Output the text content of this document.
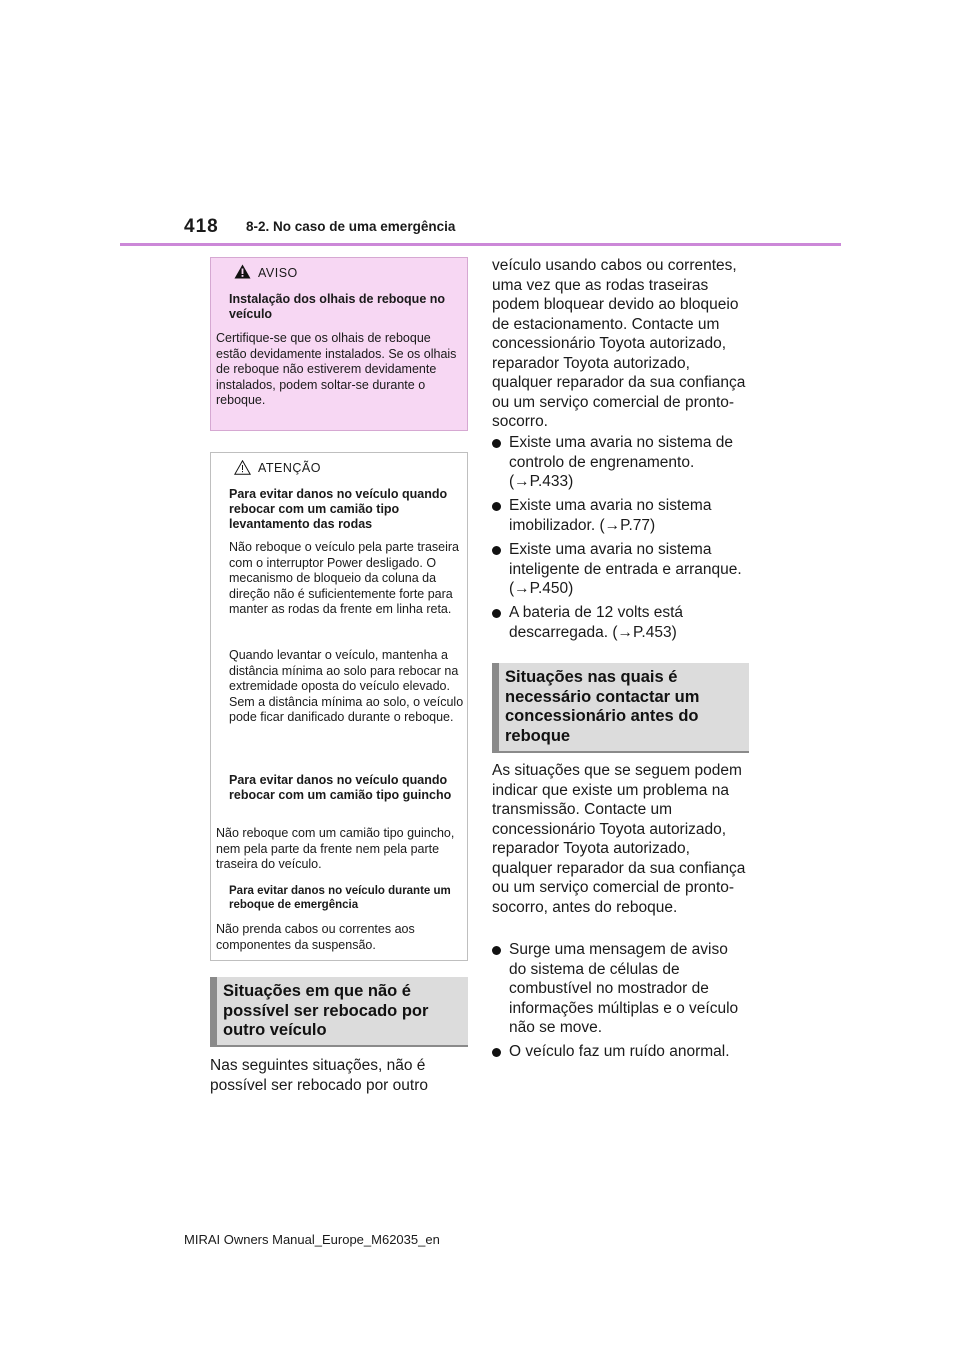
418 8-2. No caso de uma emergência
AVISO
Instalação dos olhais de reboque no veículo
Certifique-se que os olhais de reboque estão devidamente instalados. Se os olhais de reboque não estiverem devidamente instalados, podem soltar-se durante o reboque.
ATENÇÃO
Para evitar danos no veículo quando rebocar com um camião tipo levantamento das rodas
Não reboque o veículo pela parte traseira com o interruptor Power desligado. O mecanismo de bloqueio da coluna da direção não é suficientemente forte para manter as rodas da frente em linha reta.
Quando levantar o veículo, mantenha a distância mínima ao solo para rebocar na extremidade oposta do veículo elevado. Sem a distância mínima ao solo, o veículo pode ficar danificado durante o reboque.
Para evitar danos no veículo quando rebocar com um camião tipo guincho
Não reboque com um camião tipo guincho, nem pela parte da frente nem pela parte traseira do veículo.
Para evitar danos no veículo durante um reboque de emergência
Não prenda cabos ou correntes aos componentes da suspensão.
Situações em que não é possível ser rebocado por outro veículo
Nas seguintes situações, não é possível ser rebocado por outro
veículo usando cabos ou correntes, uma vez que as rodas traseiras podem bloquear devido ao bloqueio de estacionamento. Contacte um concessionário Toyota autorizado, reparador Toyota autorizado, qualquer reparador da sua confiança ou um serviço comercial de pronto-socorro.
Existe uma avaria no sistema de controlo de engrenamento. (→P.433)
Existe uma avaria no sistema imobilizador. (→P.77)
Existe uma avaria no sistema inteligente de entrada e arranque. (→P.450)
A bateria de 12 volts está descarregada. (→P.453)
Situações nas quais é necessário contactar um concessionário antes do reboque
As situações que se seguem podem indicar que existe um problema na transmissão. Contacte um concessionário Toyota autorizado, reparador Toyota autorizado, qualquer reparador da sua confiança ou um serviço comercial de pronto-socorro, antes do reboque.
Surge uma mensagem de aviso do sistema de células de combustível no mostrador de informações múltiplas e o veículo não se move.
O veículo faz um ruído anormal.
MIRAI Owners Manual_Europe_M62035_en
